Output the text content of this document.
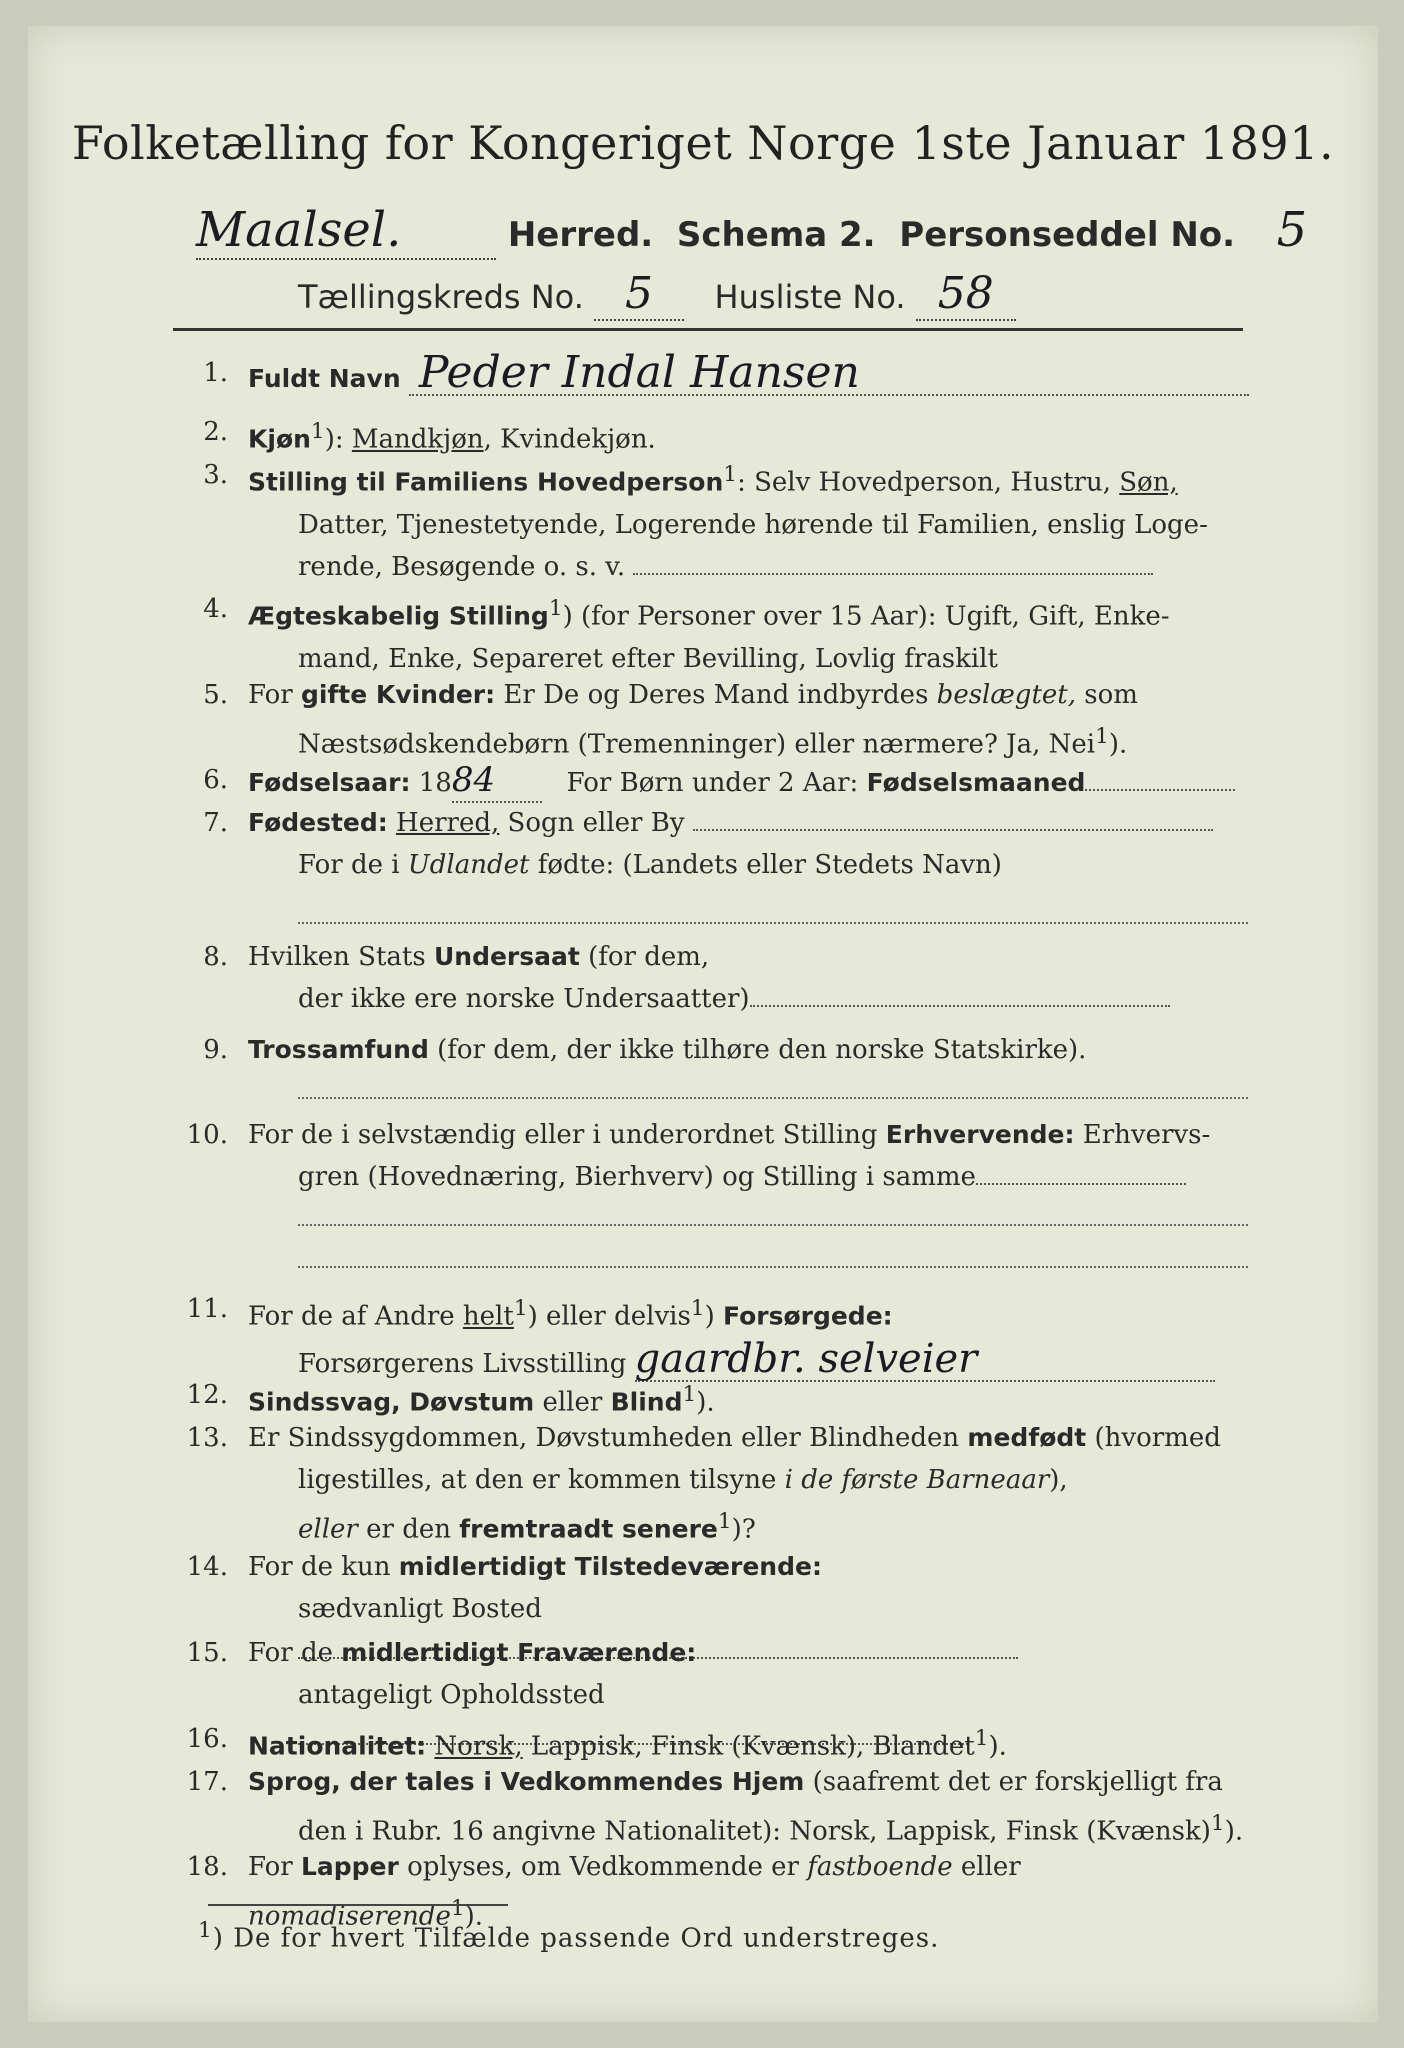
Folketælling for Kongeriget Norge 1ste Januar 1891.
Maalsel.	Herred. Schema 2. Personseddel No. 5
Tællingskreds No. 5 Husliste No. 58
1. Fuldt Navn Peder Indal Hansen
2. Kjøn$^1$): Mandkjøn, Kvindekjøn.
3. Stilling til Familiens Hovedperson$^1$: Selv Hovedperson, Hustru, Søn,
Datter, Tjenestetyende, Logerende hørende til Familien, enslig Loge-
rende, Besøgende o. s. v.
4. Ægteskabelig Stilling$^1$) (for Personer over 15 Aar): Ugift, Gift, Enke-
mand, Enke, Separeret efter Bevilling, Lovlig fraskilt
5. For gifte Kvinder: Er De og Deres Mand indbyrdes beslægtet, som
Næstsødskendebørn (Tremenninger) eller nærmere? Ja, Nei$^1$).
6. Fødselsaar: 1884	For Børn under 2 Aar: Fødselsmaaned
7. Fødested: Herred, Sogn eller By
For de i Udlandet fødte: (Landets eller Stedets Navn)
8. Hvilken Stats Undersaat (for dem,
der ikke ere norske Undersaatter)
9. Trossamfund (for dem, der ikke tilhøre den norske Statskirke).
10. For de i selvstændig eller i underordnet Stilling Erhvervende: Erhvervs-
gren (Hovednæring, Bierhverv) og Stilling i samme
11. For de af Andre helt$^1$) eller delvis$^1$) Forsørgede:
Forsørgerens Livsstilling gaardbr. selveier
12. Sindssvag, Døvstum eller Blind$^1$).
13. Er Sindssygdommen, Døvstumheden eller Blindheden medfødt (hvormed
ligestilles, at den er kommen tilsyne i de første Barneaar),
eller er den fremtraadt senere$^1$)?
14. For de kun midlertidigt Tilstedeværende:
sædvanligt Bosted
15. For de midlertidigt Fraværende:
antageligt Opholdssted
16. Nationalitet: Norsk, Lappisk, Finsk (Kvænsk), Blandet$^1$).
17. Sprog, der tales i Vedkommendes Hjem (saafremt det er forskjelligt fra
den i Rubr. 16 angivne Nationalitet): Norsk, Lappisk, Finsk (Kvænsk)$^1$).
18. For Lapper oplyses, om Vedkommende er fastboende eller nomadiserende$^1$).
$^1$) De for hvert Tilfælde passende Ord understreges.
